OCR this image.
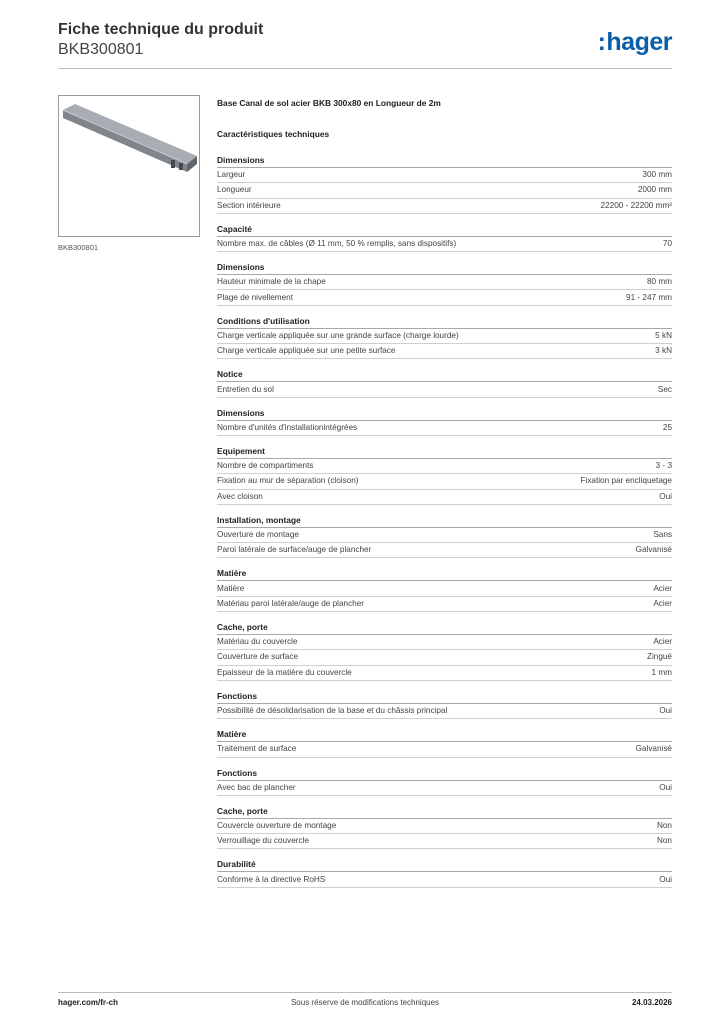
Fiche technique du produit
BKB300801	:hager
BKB300801
Base Canal de sol acier BKB 300x80 en Longueur de 2m
Caractéristiques techniques
Dimensions
Largeur	300 mm
Longueur	2000 mm
Section intérieure	22200 - 22200 mm²
Capacité
Nombre max. de câbles (Ø 11 mm, 50 % remplis, sans dispositifs)	70
Dimensions
Hauteur minimale de la chape	80 mm
Plage de nivellement	91 - 247 mm
Conditions d'utilisation
Charge verticale appliquée sur une grande surface (charge lourde)	5 kN
Charge verticale appliquée sur une petite surface	3 kN
Notice
Entretien du sol	Sec
Dimensions
Nombre d'unités d'installationintégrées	25
Equipement
Nombre de compartiments	3 - 3
Fixation au mur de séparation (cloison)	Fixation par encliquetage
Avec cloison	Oui
Installation, montage
Ouverture de montage	Sans
Paroi latérale de surface/auge de plancher	Galvanisé
Matière
Matière	Acier
Matériau paroi latérale/auge de plancher	Acier
Cache, porte
Matériau du couvercle	Acier
Couverture de surface	Zingué
Epaisseur de la matière du couvercle	1 mm
Fonctions
Possibilité de désolidarisation de la base et du châssis principal	Oui
Matière
Traitement de surface	Galvanisé
Fonctions
Avec bac de plancher	Oui
Cache, porte
Couvercle ouverture de montage	Non
Verrouillage du couvercle	Non
Durabilité
Conforme à la directive RoHS	Oui
hager.com/fr-ch	Sous réserve de modifications techniques	24.03.2026
